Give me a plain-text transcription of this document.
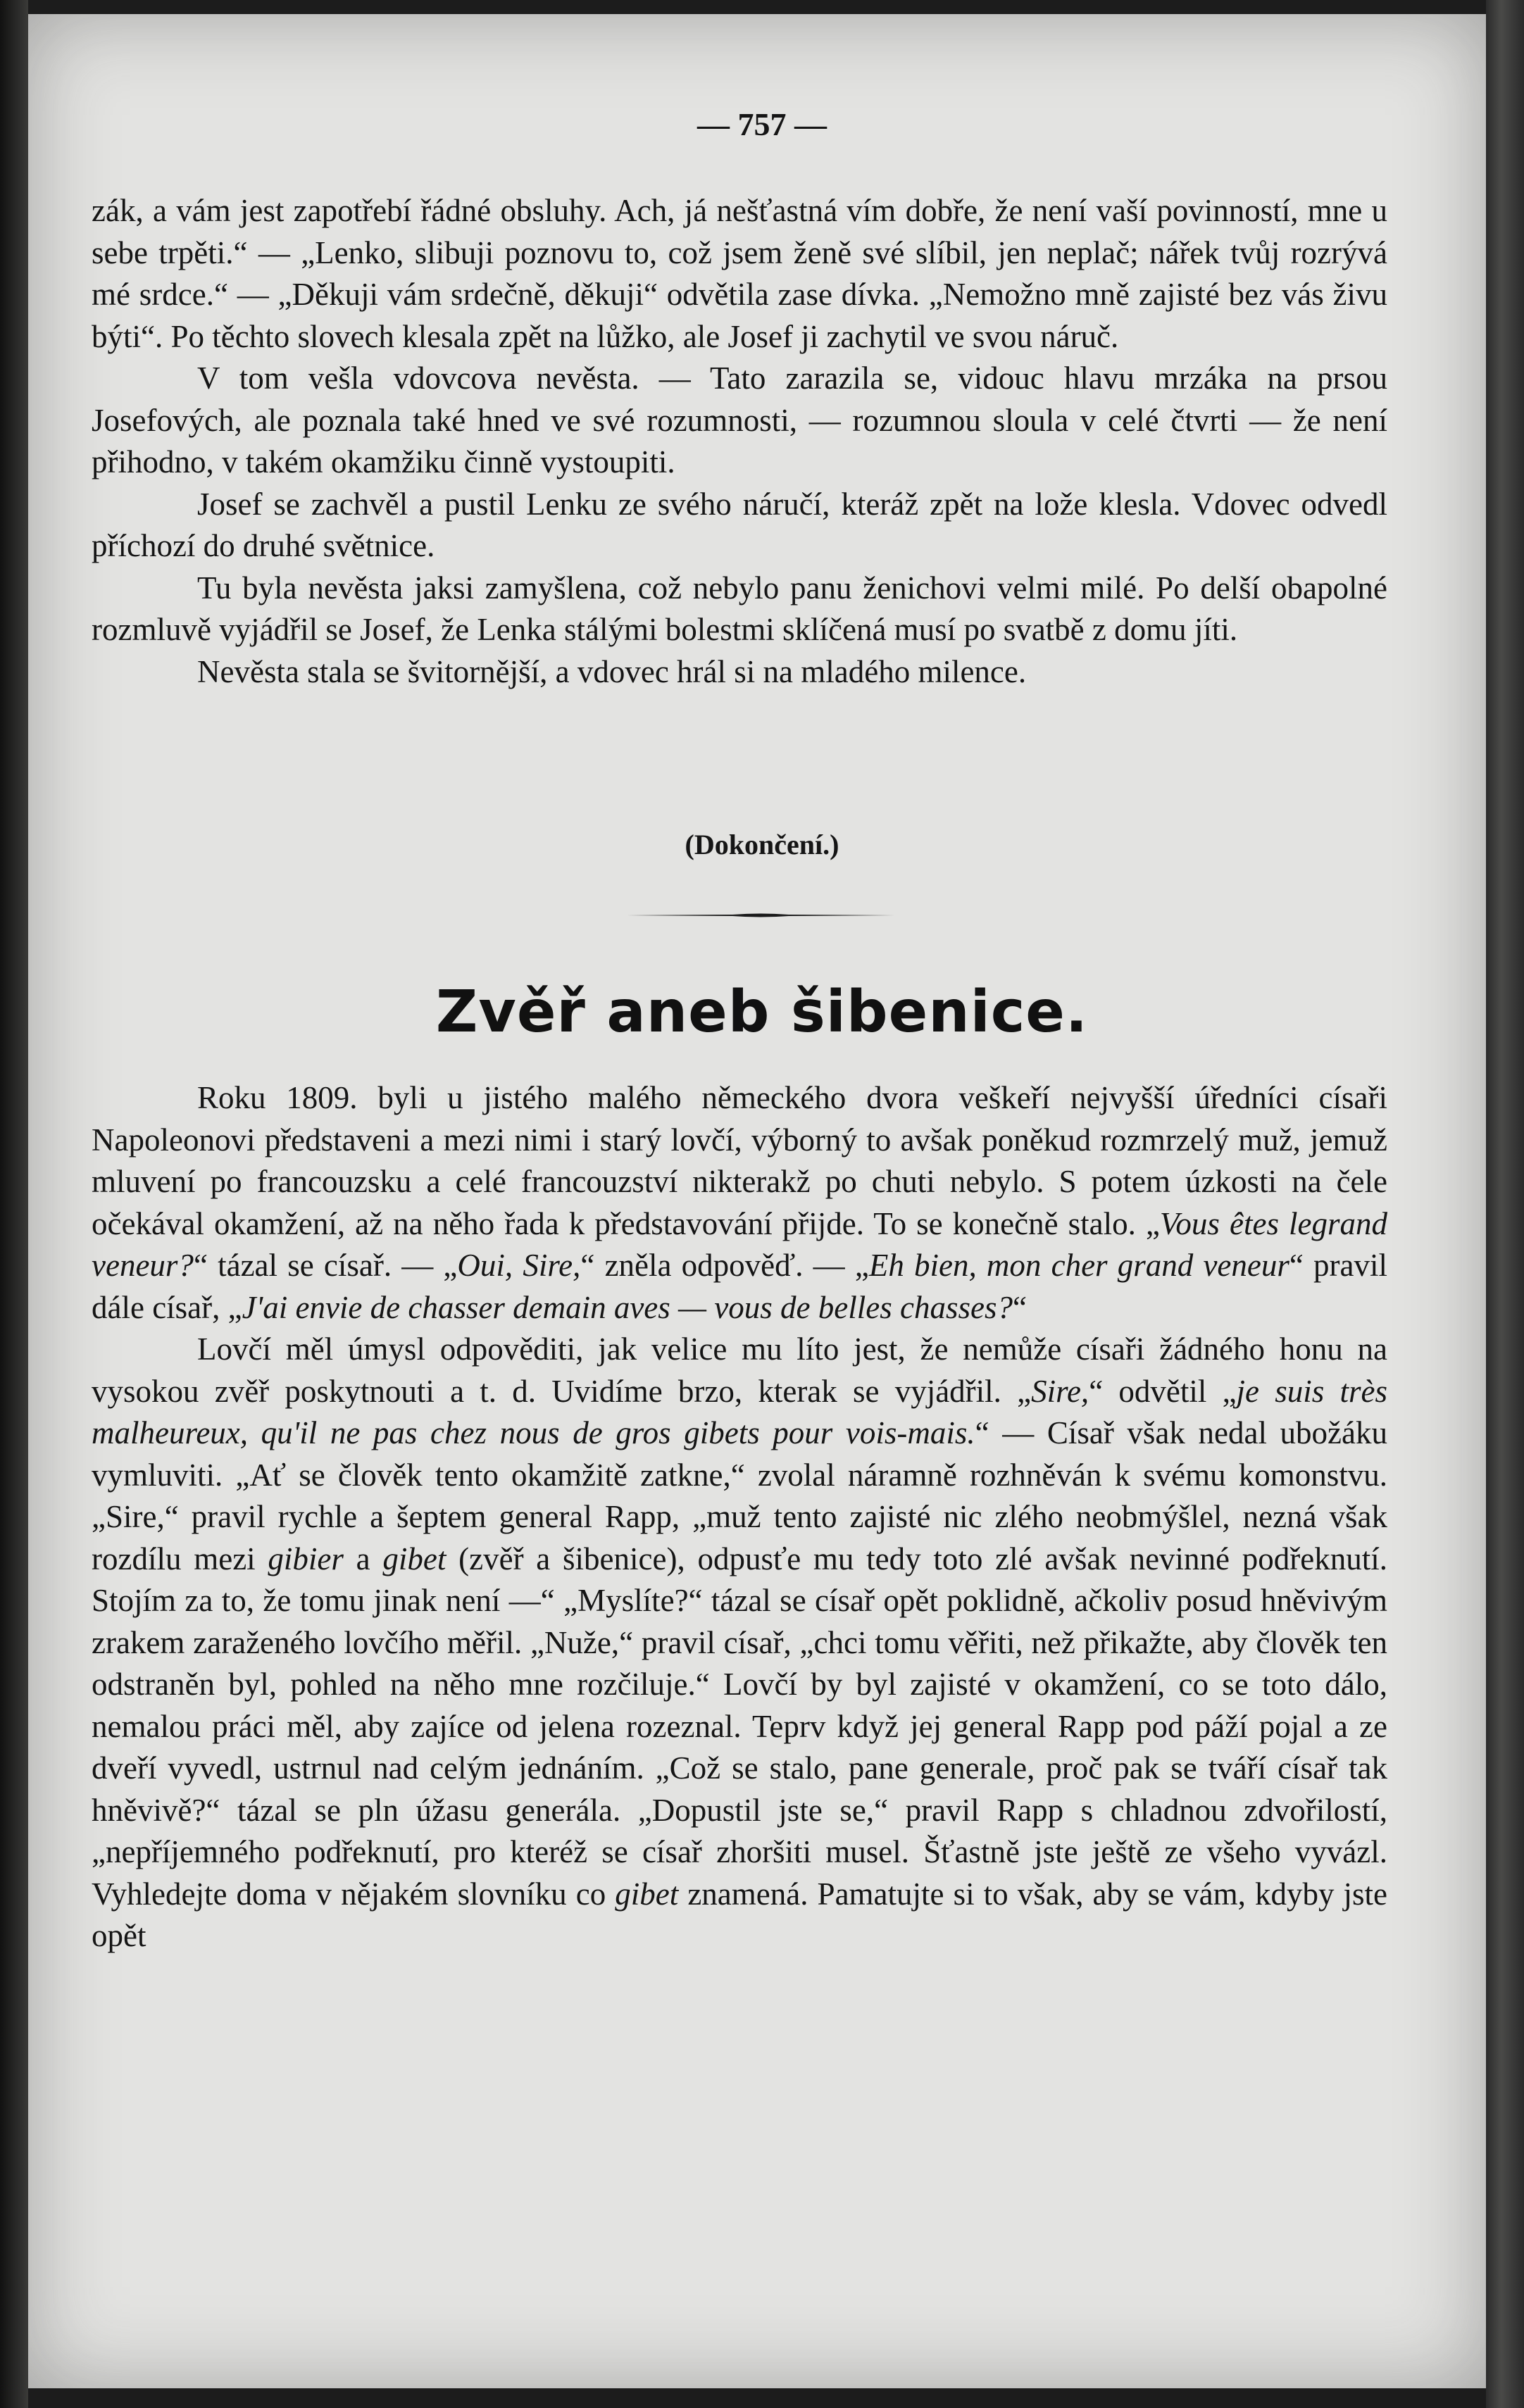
— 757 —

zák, a vám jest zapotřebí řádné obsluhy. Ach, já nešťastná vím dobře, že není vaší povinností, mne u sebe trpěti.“ — „Lenko, slibuji poznovu to, což jsem ženě své slíbil, jen neplač; nářek tvůj rozrývá mé srdce.“ — „Děkuji vám srdečně, děkuji“ odvětila zase dívka. „Nemožno mně zajisté bez vás živu býti“. Po těchto slovech klesala zpět na lůžko, ale Josef ji zachytil ve svou náruč.

V tom vešla vdovcova nevěsta. — Tato zarazila se, vidouc hlavu mrzáka na prsou Josefových, ale poznala také hned ve své rozumnosti, — rozumnou sloula v celé čtvrti — že není přihodno, v takém okamžiku činně vystoupiti.

Josef se zachvěl a pustil Lenku ze svého náručí, kteráž zpět na lože klesla. Vdovec odvedl příchozí do druhé světnice.

Tu byla nevěsta jaksi zamyšlena, což nebylo panu ženichovi velmi milé. Po delší obapolné rozmluvě vyjádřil se Josef, že Lenka stálými bolestmi sklíčená musí po svatbě z domu jíti.

Nevěsta stala se švitornější, a vdovec hrál si na mladého milence.

(Dokončení.)
Zvěř aneb šibenice.

Roku 1809. byli u jistého malého německého dvora veškeří nejvyšší úředníci císaři Napoleonovi představeni a mezi nimi i starý lovčí, výborný to avšak poněkud rozmrzelý muž, jemuž mluvení po francouzsku a celé francouzství nikterakž po chuti nebylo. S potem úzkosti na čele očekával okamžení, až na něho řada k představování přijde. To se konečně stalo. „Vous êtes legrand veneur?“ tázal se císař. — „Oui, Sire,“ zněla odpověď. — „Eh bien, mon cher grand veneur“ pravil dále císař, „J'ai envie de chasser demain aves — vous de belles chasses?“

Lovčí měl úmysl odpověditi, jak velice mu líto jest, že nemůže císaři žádného honu na vysokou zvěř poskytnouti a t. d. Uvidíme brzo, kterak se vyjádřil. „Sire,“ odvětil „je suis très malheureux, qu'il ne pas chez nous de gros gibets pour vois-mais.“ — Císař však nedal ubožáku vymluviti. „Ať se člověk tento okamžitě zatkne,“ zvolal náramně rozhněván k svému komonstvu. „Sire,“ pravil rychle a šeptem general Rapp, „muž tento zajisté nic zlého neobmýšlel, nezná však rozdílu mezi gibier a gibet (zvěř a šibenice), odpusťe mu tedy toto zlé avšak nevinné podřeknutí. Stojím za to, že tomu jinak není —“ „Myslíte?“ tázal se císař opět poklidně, ačkoliv posud hněvivým zrakem zaraženého lovčího měřil. „Nuže,“ pravil císař, „chci tomu věřiti, než přikažte, aby člověk ten odstraněn byl, pohled na něho mne rozčiluje.“ Lovčí by byl zajisté v okamžení, co se toto dálo, nemalou práci měl, aby zajíce od jelena rozeznal. Teprv když jej general Rapp pod páží pojal a ze dveří vyvedl, ustrnul nad celým jednáním. „Což se stalo, pane generale, proč pak se tváří císař tak hněvivě?“ tázal se pln úžasu generála. „Dopustil jste se,“ pravil Rapp s chladnou zdvořilostí, „nepříjemného podřeknutí, pro kteréž se císař zhoršiti musel. Šťastně jste ještě ze všeho vyvázl. Vyhledejte doma v nějakém slovníku co gibet znamená. Pamatujte si to však, aby se vám, kdyby jste opět
